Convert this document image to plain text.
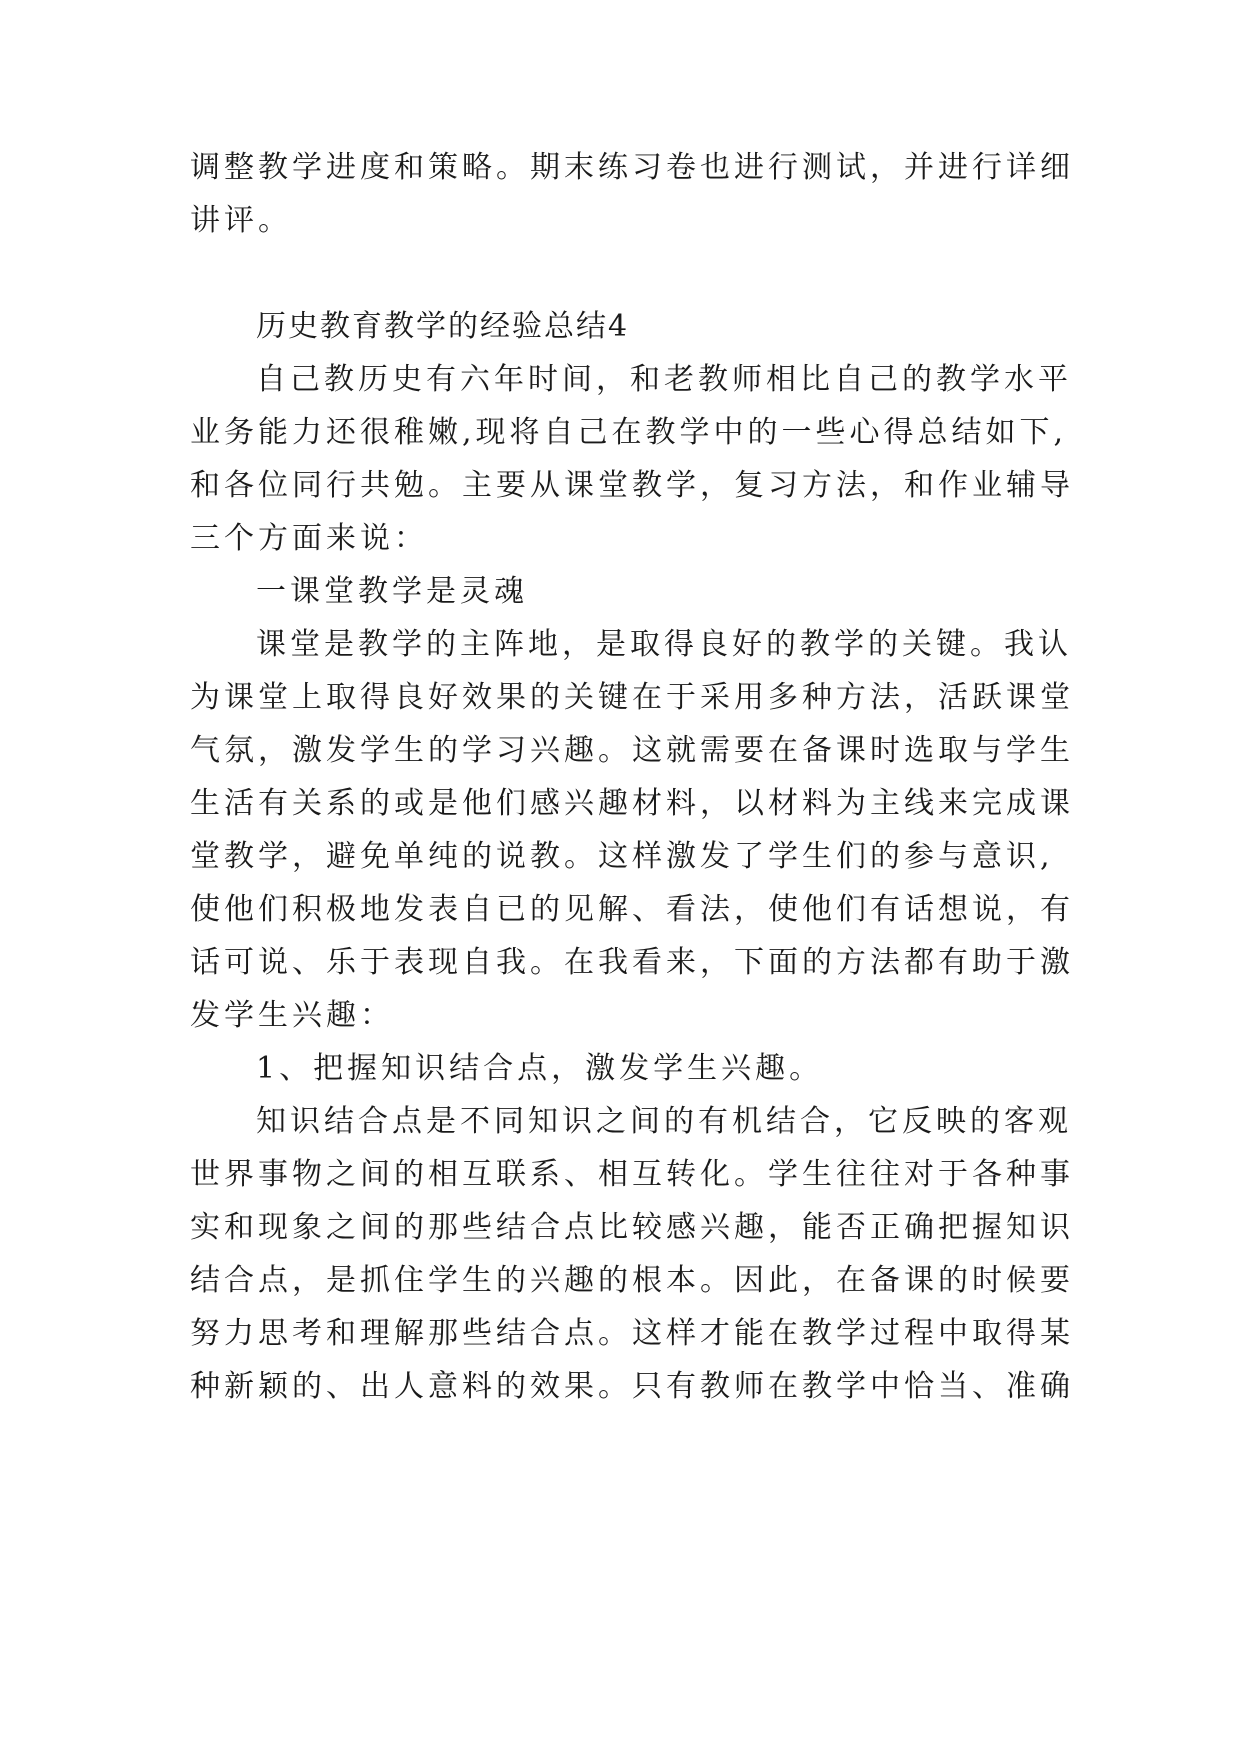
调整教学进度和策略。期末练习卷也进行测试，并进行详细
讲评。
历史教育教学的经验总结4
自己教历史有六年时间，和老教师相比自己的教学水平
业务能力还很稚嫩,现将自己在教学中的一些心得总结如下,
和各位同行共勉。主要从课堂教学，复习方法，和作业辅导
三个方面来说：
一课堂教学是灵魂
课堂是教学的主阵地，是取得良好的教学的关键。我认
为课堂上取得良好效果的关键在于采用多种方法，活跃课堂
气氛，激发学生的学习兴趣。这就需要在备课时选取与学生
生活有关系的或是他们感兴趣材料，以材料为主线来完成课
堂教学，避免单纯的说教。这样激发了学生们的参与意识,
使他们积极地发表自已的见解、看法，使他们有话想说，有
话可说、乐于表现自我。在我看来，下面的方法都有助于激
发学生兴趣：
1、把握知识结合点，激发学生兴趣。
知识结合点是不同知识之间的有机结合，它反映的客观
世界事物之间的相互联系、相互转化。学生往往对于各种事
实和现象之间的那些结合点比较感兴趣，能否正确把握知识
结合点，是抓住学生的兴趣的根本。因此，在备课的时候要
努力思考和理解那些结合点。这样才能在教学过程中取得某
种新颖的、出人意料的效果。只有教师在教学中恰当、准确
